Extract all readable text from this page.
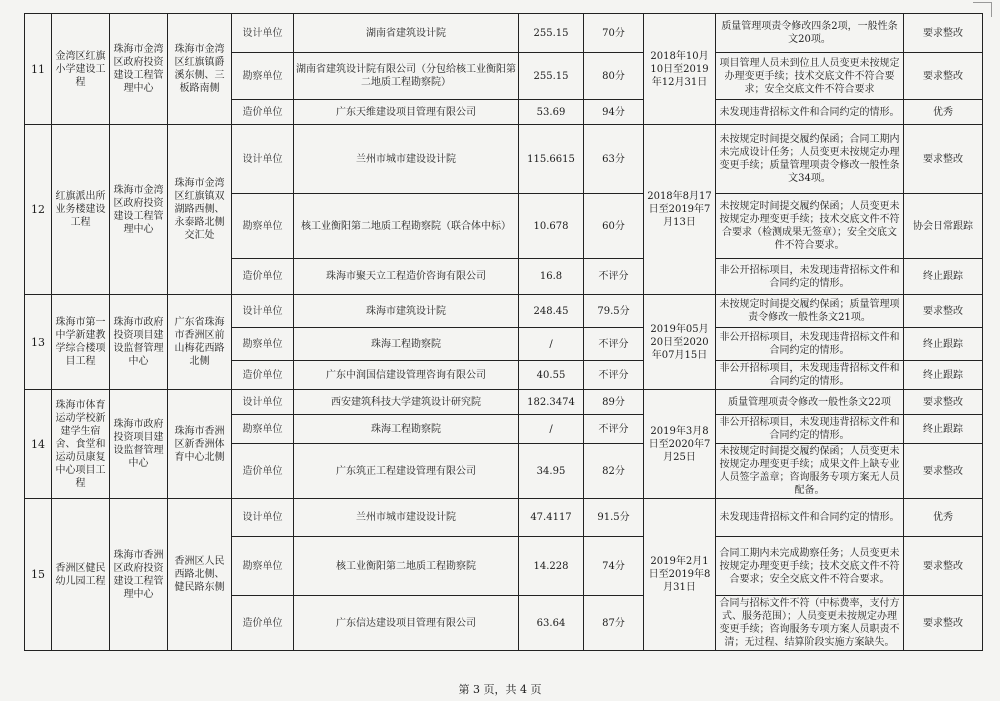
11	金湾区红旗小学建设工程	珠海市金湾区政府投资建设工程管理中心	珠海市金湾区红旗镇爵溪东侧、三板路南侧	设计单位	湖南省建筑设计院	255.15	70分	2018年10月10日至2019年12月31日	质量管理项责令修改四条2项，一般性条文20项。	要求整改
				勘察单位	湖南省建筑设计院有限公司（分包给核工业衡阳第二地质工程勘察院）	255.15	80分		项目管理人员未到位且人员变更未按规定办理变更手续；技术交底文件不符合要求；安全交底文件不符合要求	要求整改
				造价单位	广东天维建设项目管理有限公司	53.69	94分		未发现违背招标文件和合同约定的情形。	优秀
12	红旗派出所业务楼建设工程	珠海市金湾区政府投资建设工程管理中心	珠海市金湾区红旗镇双湖路西侧、永泰路北侧交汇处	设计单位	兰州市城市建设设计院	115.6615	63分	2018年8月17日至2019年7月13日	未按规定时间提交履约保函；合同工期内未完成设计任务；人员变更未按规定办理变更手续；质量管理项责令修改一般性条文34项。	要求整改
				勘察单位	核工业衡阳第二地质工程勘察院（联合体中标）	10.678	60分		未按规定时间提交履约保函；人员变更未按规定办理变更手续；技术交底文件不符合要求（检测成果无签章）；安全交底文件不符合要求。	协会日常跟踪
				造价单位	珠海市聚天立工程造价咨询有限公司	16.8	不评分		非公开招标项目，未发现违背招标文件和合同约定的情形。	终止跟踪
13	珠海市第一中学新建教学综合楼项目工程	珠海市政府投资项目建设监督管理中心	广东省珠海市香洲区前山梅花西路北侧	设计单位	珠海市建筑设计院	248.45	79.5分	2019年05月20日至2020年07月15日	未按规定时间提交履约保函；质量管理项责令修改一般性条文21项。	要求整改
				勘察单位	珠海工程勘察院	/	不评分		非公开招标项目，未发现违背招标文件和合同约定的情形。	终止跟踪
				造价单位	广东中润国信建设管理咨询有限公司	40.55	不评分		非公开招标项目，未发现违背招标文件和合同约定的情形。	终止跟踪
14	珠海市体育运动学校新建学生宿舍、食堂和运动员康复中心项目工程	珠海市政府投资项目建设监督管理中心	珠海市香洲区新香洲体育中心北侧	设计单位	西安建筑科技大学建筑设计研究院	182.3474	89分	2019年3月8日至2020年7月25日	质量管理项责令修改一般性条文22项	要求整改
				勘察单位	珠海工程勘察院	/	不评分		非公开招标项目，未发现违背招标文件和合同约定的情形。	终止跟踪
				造价单位	广东筑正工程建设管理有限公司	34.95	82分		未按规定时间提交履约保函；人员变更未按规定办理变更手续；成果文件上缺专业人员签字盖章；咨询服务专项方案无人员配备。	要求整改
15	香洲区健民幼儿园工程	珠海市香洲区政府投资建设工程管理中心	香洲区人民西路北侧、健民路东侧	设计单位	兰州市城市建设设计院	47.4117	91.5分	2019年2月1日至2019年8月31日	未发现违背招标文件和合同约定的情形。	优秀
				勘察单位	核工业衡阳第二地质工程勘察院	14.228	74分		合同工期内未完成勘察任务；人员变更未按规定办理变更手续；技术交底文件不符合要求；安全交底文件不符合要求。	要求整改
				造价单位	广东信达建设项目管理有限公司	63.64	87分		合同与招标文件不符（中标费率，支付方式、服务范围）；人员变更未按规定办理变更手续；咨询服务专项方案人员职责不清；无过程、结算阶段实施方案缺失。	要求整改
第 3 页，共 4 页
